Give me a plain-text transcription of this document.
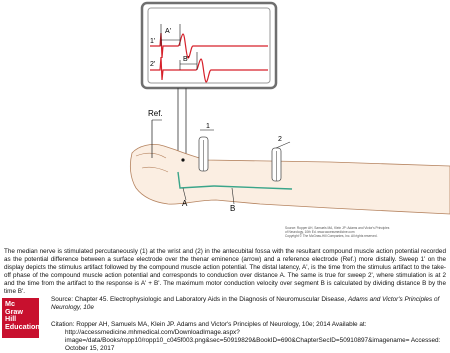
1'
2'
A'
B'
Ref.
1
2
A
B
Source: Ropper AH, Samuels MA, Klein JP: Adams and Victor's Principles
of Neurology, 10th Ed. www.accessmedicine.com
Copyright © The McGraw-Hill Companies, Inc. All rights reserved.
The median nerve is stimulated percutaneously (1) at the wrist and (2) in the antecubital fossa with the resultant compound muscle action potential recorded as the potential difference between a surface electrode over the thenar eminence (arrow) and a reference electrode (Ref.) more distally. Sweep 1' on the display depicts the stimulus artifact followed by the compound muscle action potential. The distal latency, A', is the time from the stimulus artifact to the take-off phase of the compound muscle action potential and corresponds to conduction over distance A. The same is true for sweep 2', where stimulation is at 2 and the time from the artifact to the response is A' + B'. The maximum motor conduction velocity over segment B is calculated by dividing distance B by the time B'.
Mc
Graw
Hill
Education
Source: Chapter 45. Electrophysiologic and Laboratory Aids in the Diagnosis of Neuromuscular Disease, Adams and Victor's Principles of Neurology, 10e
Citation: Ropper AH, Samuels MA, Klein JP. Adams and Victor's Principles of Neurology, 10e; 2014 Available at:
http://accessmedicine.mhmedical.com/DownloadImage.aspx?image=/data/Books/ropp10/ropp10_c045f003.png&sec=50919829&BookID=690&ChapterSecID=50910897&imagename= Accessed: October 15, 2017
